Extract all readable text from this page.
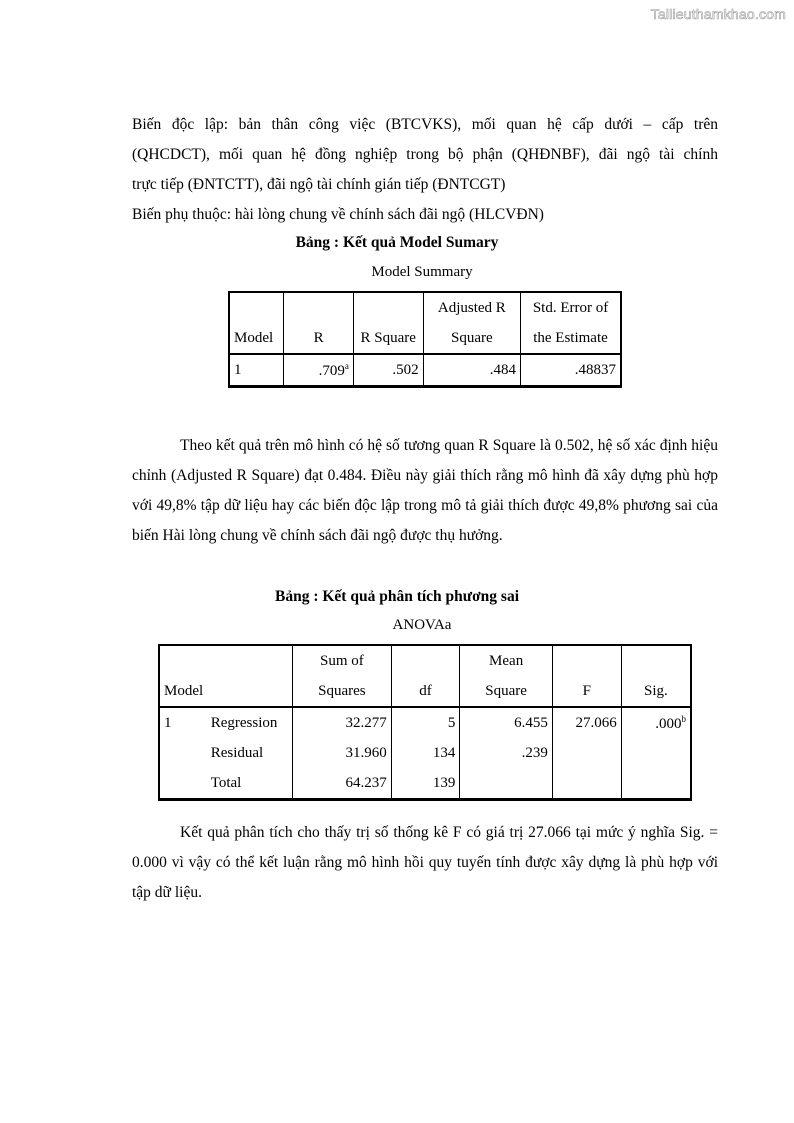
Tailieuthamkhao.com
Biến độc lập: bản thân công việc (BTCVKS), mối quan hệ cấp dưới – cấp trên
(QHCDCT), mối quan hệ đồng nghiệp trong bộ phận (QHĐNBF), đãi ngộ tài chính
trực tiếp (ĐNTCTT), đãi ngộ tài chính gián tiếp (ĐNTCGT)
Biến phụ thuộc: hài lòng chung về chính sách đãi ngộ (HLCVĐN)
Bảng : Kết quả Model Sumary
Model Summary
			Adjusted R	Std. Error of
Model	R	R Square	Square	the Estimate
1	.709$^a$	.502	.484	.48837

Theo kết quả trên mô hình có hệ số tương quan R Square là 0.502, hệ số xác định hiệu chỉnh (Adjusted R Square) đạt 0.484. Điều này giải thích rằng mô hình đã xây dựng phù hợp với 49,8% tập dữ liệu hay các biến độc lập trong mô tả giải thích được 49,8% phương sai của biến Hài lòng chung về chính sách đãi ngộ được thụ hưởng.

Bảng : Kết quả phân tích phương sai
ANOVAa
		Sum of		Mean		
Model		Squares	df	Square	F	Sig.
1	Regression	32.277	5	6.455	27.066	.000$^b$
	Residual	31.960	134	.239		
	Total	64.237	139			

Kết quả phân tích cho thấy trị số thống kê F có giá trị 27.066 tại mức ý nghĩa Sig. = 0.000 vì vậy có thể kết luận rằng mô hình hồi quy tuyến tính được xây dựng là phù hợp với tập dữ liệu.
